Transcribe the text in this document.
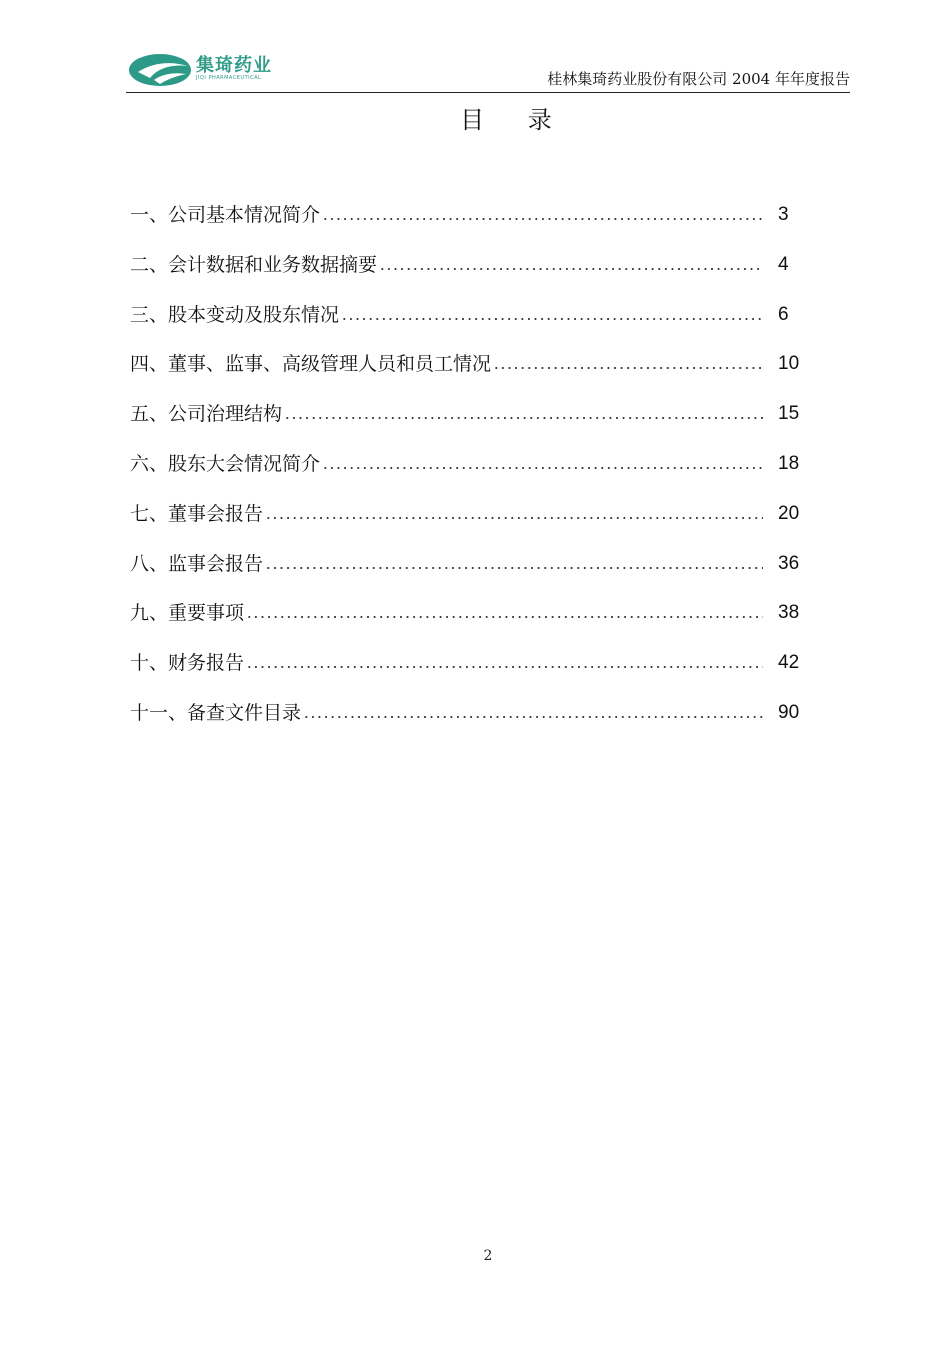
集琦药业
JIQI PHARMACEUTICAL	桂林集琦药业股份有限公司 2004 年年度报告
目 录
一、公司基本情况简介	3
二、会计数据和业务数据摘要	4
三、股本变动及股东情况	6
四、董事、监事、高级管理人员和员工情况	10
五、公司治理结构	15
六、股东大会情况简介	18
七、董事会报告	20
八、监事会报告	36
九、重要事项	38
十、财务报告	42
十一、备查文件目录	90
2
